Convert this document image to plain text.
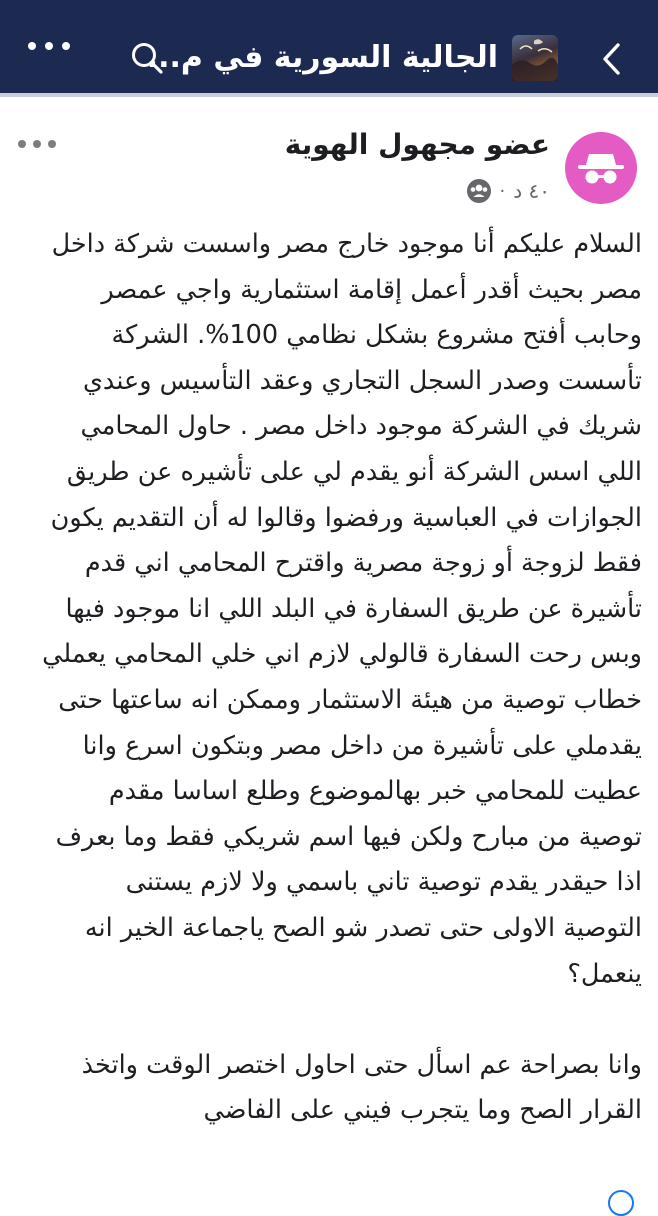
الجالية السورية في م...
عضو مجهول الهوية
٤٠ د
·
السلام عليكم أنا موجود خارج مصر واسست شركة داخل
مصر بحيث أقدر أعمل إقامة استثمارية واجي عمصر
وحابب أفتح مشروع بشكل نظامي 100%. الشركة
تأسست وصدر السجل التجاري وعقد التأسيس وعندي
شريك في الشركة موجود داخل مصر . حاول المحامي
اللي اسس الشركة أنو يقدم لي على تأشيره عن طريق
الجوازات في العباسية ورفضوا وقالوا له أن التقديم يكون
فقط لزوجة أو زوجة مصرية واقترح المحامي اني قدم
تأشيرة عن طريق السفارة في البلد اللي انا موجود فيها
وبس رحت السفارة قالولي لازم اني خلي المحامي يعملي
خطاب توصية من هيئة الاستثمار وممكن انه ساعتها حتى
يقدملي على تأشيرة من داخل مصر وبتكون اسرع وانا
عطيت للمحامي خبر بهالموضوع وطلع اساسا مقدم
توصية من مبارح ولكن فيها اسم شريكي فقط وما بعرف
اذا حيقدر يقدم توصية تاني باسمي ولا لازم يستنى
التوصية الاولى حتى تصدر شو الصح ياجماعة الخير انه
ينعمل؟
وانا بصراحة عم اسأل حتى احاول اختصر الوقت واتخذ
القرار الصح وما يتجرب فيني على الفاضي
